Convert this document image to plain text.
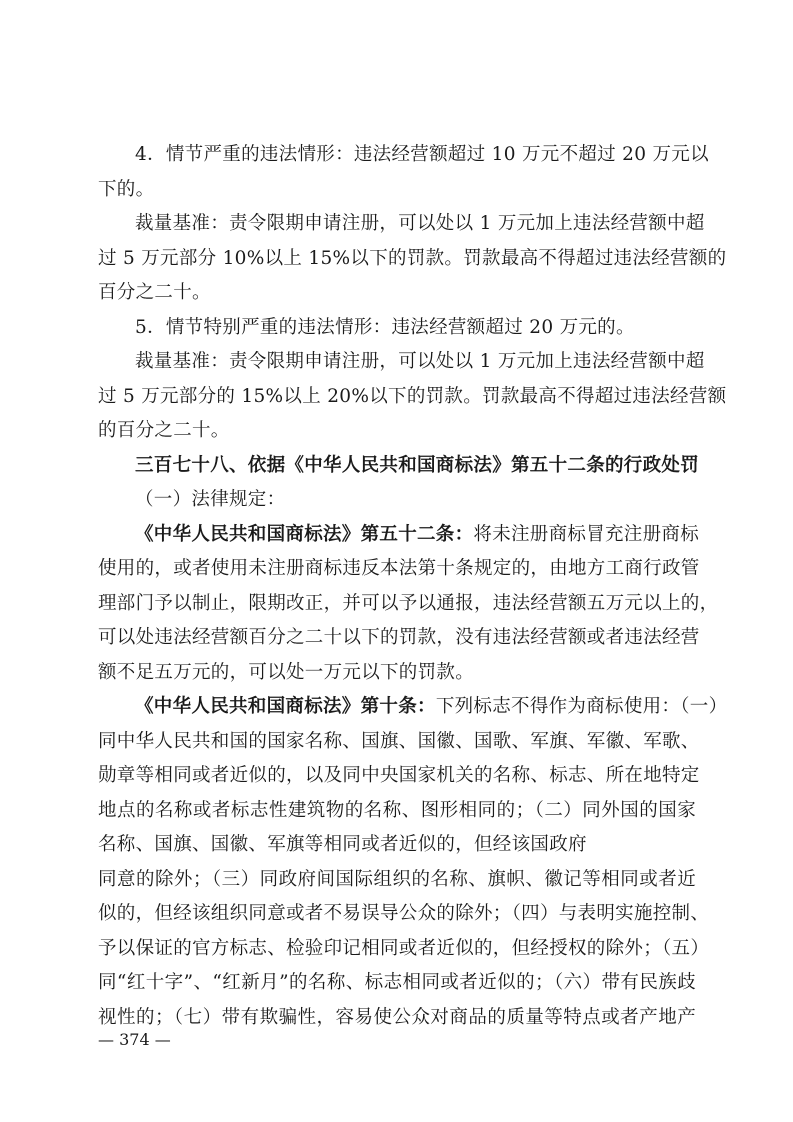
4．情节严重的违法情形：违法经营额超过 10 万元不超过 20 万元以
下的。
裁量基准：责令限期申请注册，可以处以 1 万元加上违法经营额中超
过 5 万元部分 10%以上 15%以下的罚款。罚款最高不得超过违法经营额的
百分之二十。
5．情节特别严重的违法情形：违法经营额超过 20 万元的。
裁量基准：责令限期申请注册，可以处以 1 万元加上违法经营额中超
过 5 万元部分的 15%以上 20%以下的罚款。罚款最高不得超过违法经营额
的百分之二十。
三百七十八、依据《中华人民共和国商标法》第五十二条的行政处罚
（一）法律规定：
《中华人民共和国商标法》第五十二条：将未注册商标冒充注册商标
使用的，或者使用未注册商标违反本法第十条规定的，由地方工商行政管
理部门予以制止，限期改正，并可以予以通报，违法经营额五万元以上的，
可以处违法经营额百分之二十以下的罚款，没有违法经营额或者违法经营
额不足五万元的，可以处一万元以下的罚款。
《中华人民共和国商标法》第十条：下列标志不得作为商标使用：（一）
同中华人民共和国的国家名称、国旗、国徽、国歌、军旗、军徽、军歌、
勋章等相同或者近似的，以及同中央国家机关的名称、标志、所在地特定
地点的名称或者标志性建筑物的名称、图形相同的；（二）同外国的国家
名称、国旗、国徽、军旗等相同或者近似的，但经该国政府
同意的除外；（三）同政府间国际组织的名称、旗帜、徽记等相同或者近
似的，但经该组织同意或者不易误导公众的除外；（四）与表明实施控制、
予以保证的官方标志、检验印记相同或者近似的，但经授权的除外；（五）
同“红十字”、“红新月”的名称、标志相同或者近似的；（六）带有民族歧
视性的；（七）带有欺骗性，容易使公众对商品的质量等特点或者产地产
— 374 —
